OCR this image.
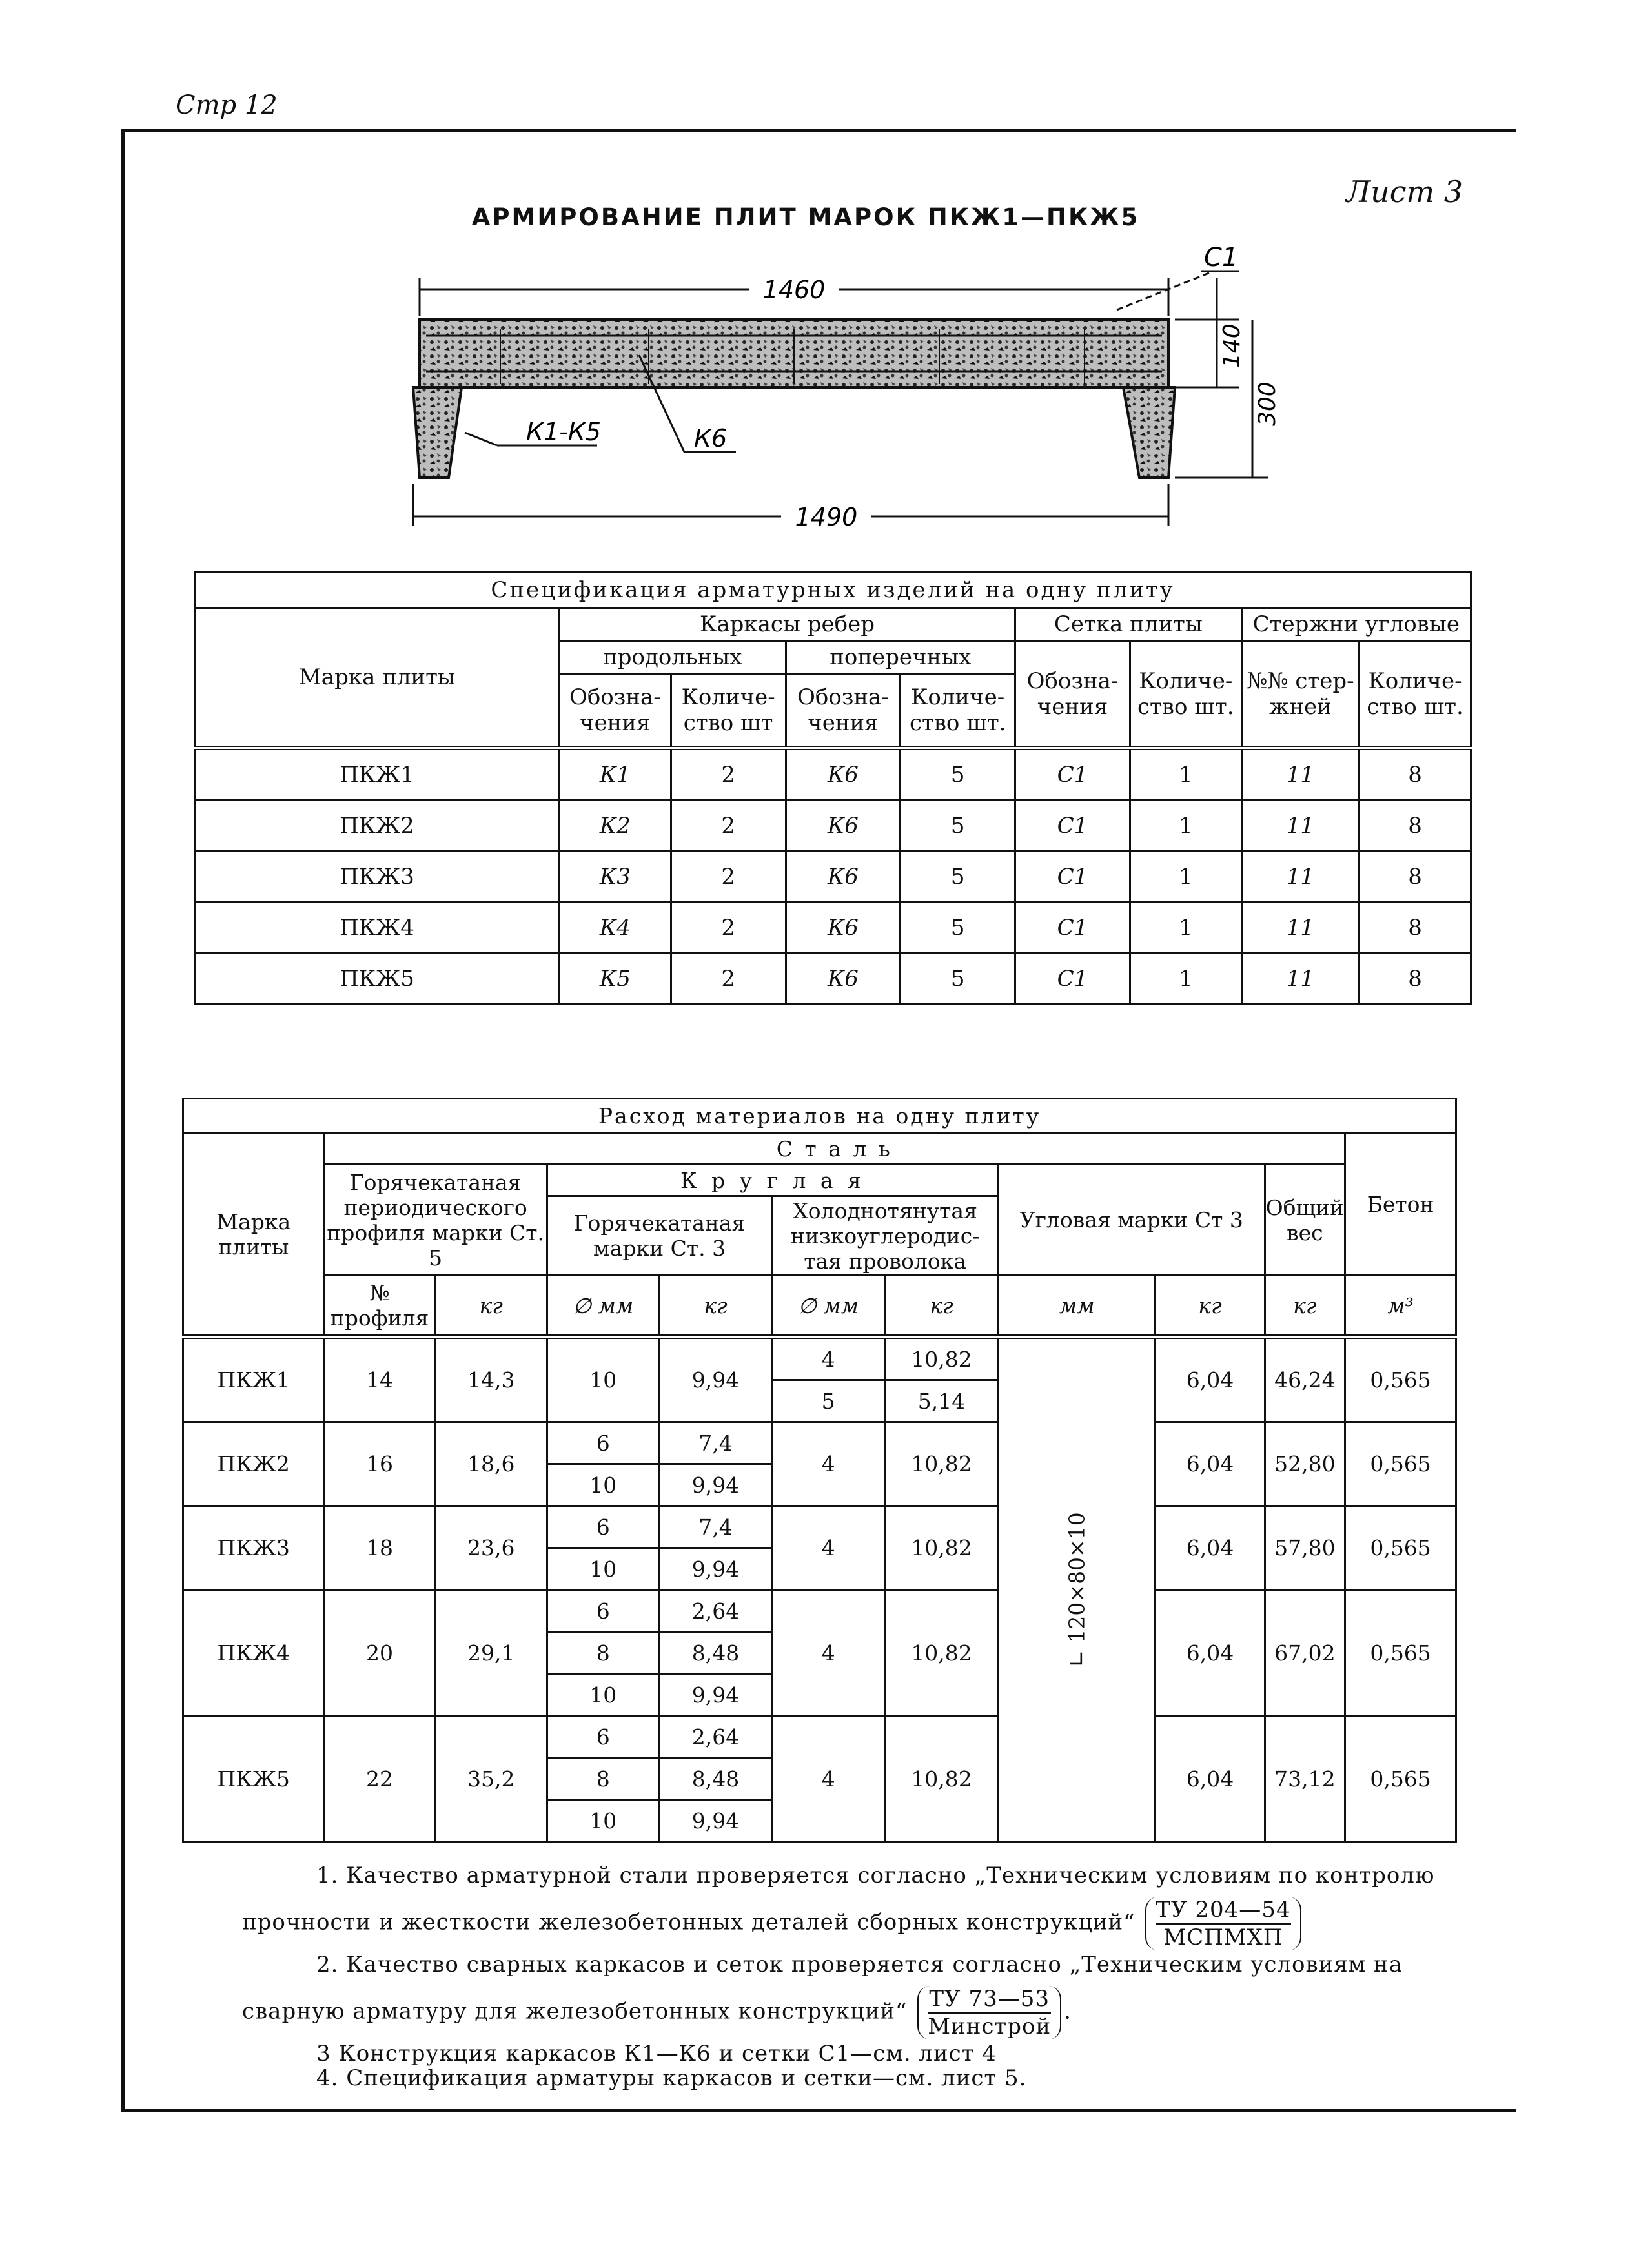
Стр 12
Лист 3
АРМИРОВАНИЕ ПЛИТ МАРОК ПКЖ1—ПКЖ5
1460
К1-К5	К6
С1
140
300
1490
Спецификация арматурных изделий на одну плиту								
Марка плиты	Каркасы ребер				Сетка плиты		Стержни угловые	
	продольных		поперечных		Обозна-чения	Количе-ство шт.	№№ стер-жней	Количе-ство шт.
	Обозна-чения	Количе-ство шт	Обозна-чения	Количе-ство шт.				
ПКЖ1	К1	2	К6	5	С1	1	11	8
ПКЖ2	К2	2	К6	5	С1	1	11	8
ПКЖ3	К3	2	К6	5	С1	1	11	8
ПКЖ4	К4	2	К6	5	С1	1	11	8
ПКЖ5	К5	2	К6	5	С1	1	11	8
Расход материалов на одну плиту										
Марка плиты	С т а л ь									Бетон
	Горячекатаная периодического профиля марки Ст. 5		К р у г л а я				Угловая марки Ст 3		Общий вес	
			Горячекатаная марки Ст. 3		Холоднотянутая низкоуглеродис-тая проволока					
	№ профиля	кг	∅ мм	кг	∅ мм	кг	мм	кг	кг	м³
ПКЖ1	14	14,3	10	9,94	4	10,82	∟ 120×80×10	6,04	46,24	0,565
					5	5,14				
ПКЖ2	16	18,6	6	7,4	4	10,82		6,04	52,80	0,565
			10	9,94						
ПКЖ3	18	23,6	6	7,4	4	10,82		6,04	57,80	0,565
			10	9,94						
ПКЖ4	20	29,1	6	2,64	4	10,82		6,04	67,02	0,565
			8	8,48						
			10	9,94						
ПКЖ5	22	35,2	6	2,64	4	10,82		6,04	73,12	0,565
			8	8,48						
			10	9,94						
1. Качество арматурной стали проверяется согласно „Техническим условиям по контролю
прочности и жесткости железобетонных деталей сборных конструкций“ $\frac{ТУ 204—54}{\text{МСПМХП}}$
2. Качество сварных каркасов и сеток проверяется согласно „Техническим условиям на
сварную арматуру для железобетонных конструкций“ $\frac{ТУ 73—53}{\text{Минстрой}}$ .
3 Конструкция каркасов К1—К6 и сетки С1—см. лист 4
4. Спецификация арматуры каркасов и сетки—см. лист 5.
